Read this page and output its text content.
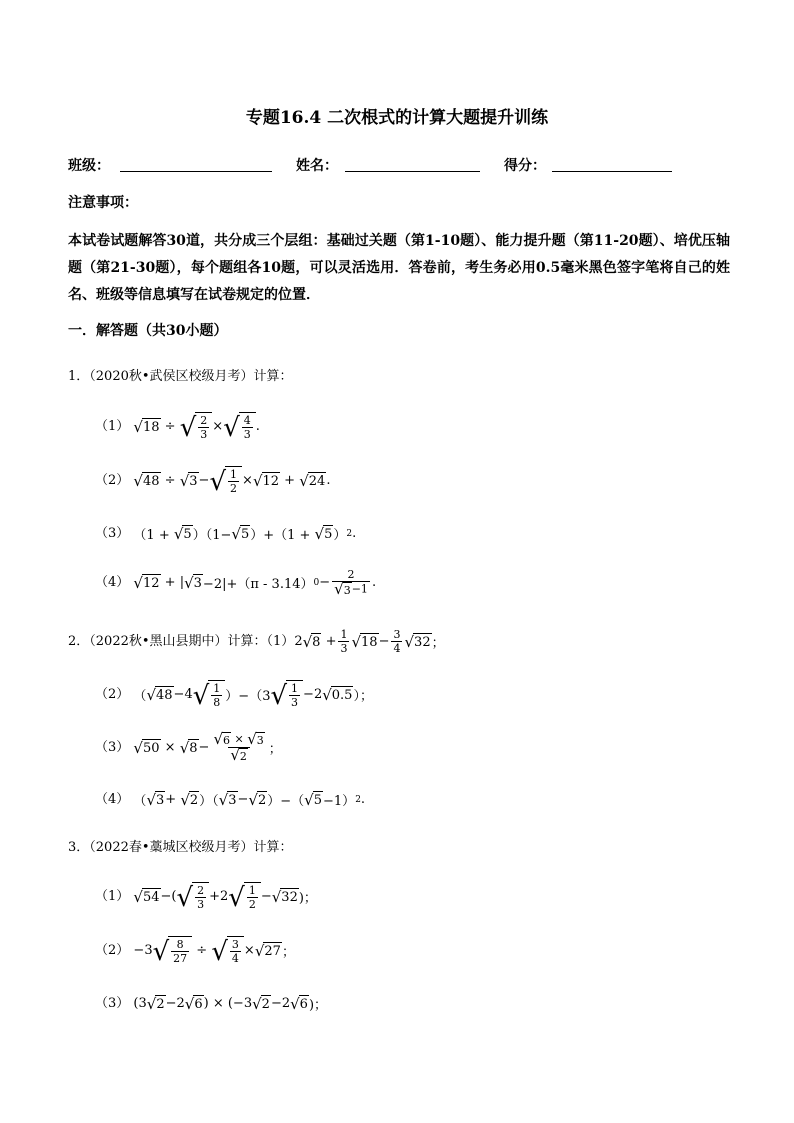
专题16.4 二次根式的计算大题提升训练
班级：	姓名：	得分：
注意事项：
本试卷试题解答30道，共分成三个层组：基础过关题（第1-10题）、能力提升题（第11-20题）、培优压轴题（第21-30题），每个题组各10题，可以灵活选用．答卷前，考生务必用0.5毫米黑色签字笔将自己的姓名、班级等信息填写在试卷规定的位置．
一．解答题（共30小题）
1．（2020秋•武侯区校级月考）计算：
（1） √ 18 ÷ √ $\frac{2}{3}$ × √ $\frac{4}{3}$ .
（2） √ 48 ÷ √ 3 − √ $\frac{1}{2}$ × √ 12 + √ 24 .
（3） （1 + √ 5 ）（1− √ 5 ）+（1 + √ 5 ） 2 .
（4） √ 12 + | √ 3 −2|+（π - 3.14） $0 - \frac{2}{√ 3 -1}$ .
2．（2022秋•黑山县期中）计算：（1）2 √ $8 + \frac{1}{3}$ √ $18 - \frac{3}{4}$ √ 32 ；
（2） （ √ 48 −4 √ $\frac{1}{8} )-(3$ √ $\frac{1}{3} -2$ √ 0.5 ）；
（3） √ 50 × √ $8 - \frac{√ 6 \times √ 3}{√ 2}$ ；
（4） （ √ 3 + √ 2 ）（ √ 3 − √ 2 ）−（ √ 5 −1） 2 .
3．（2022春•藁城区校级月考）计算：
（1） √ 54 −( √ $\frac{2}{3} +2$ √ $\frac{1}{2}$ − √ 32 )；
（2） −3 √ $\frac{8}{27}$ ÷ √ $\frac{3}{4}$ × √ 27 ；
（3） (3 √ 2 −2 √ 6 ) × (−3 √ 2 −2 √ 6 )；
